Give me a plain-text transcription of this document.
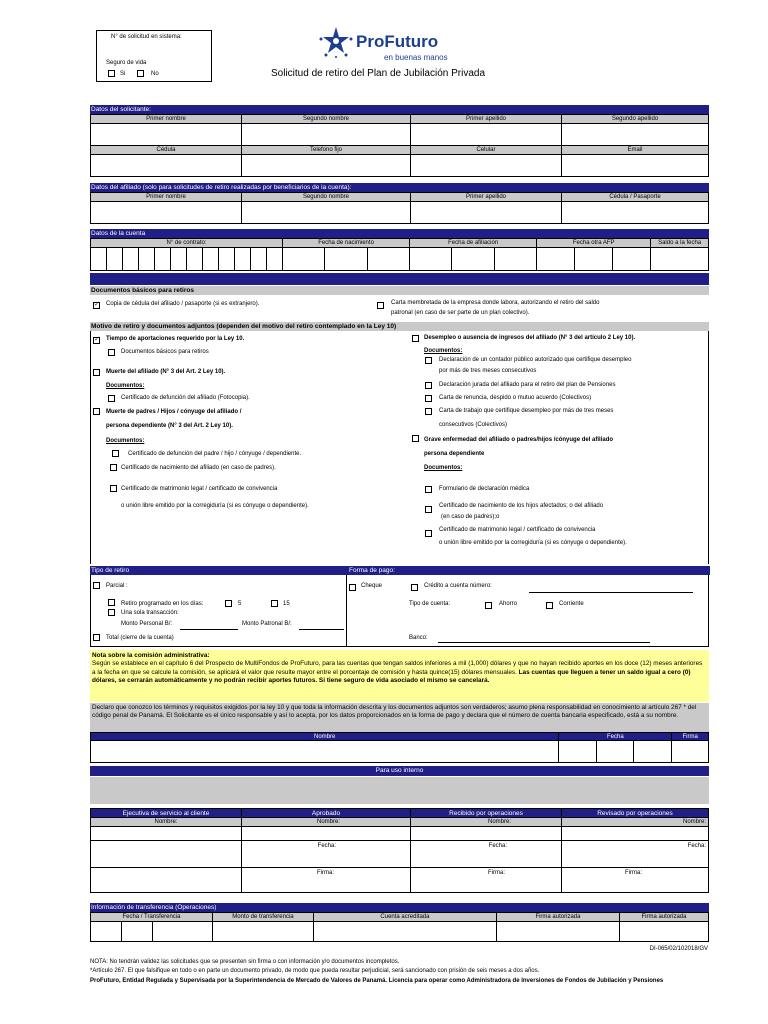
N° de solicitud en sistema:
Seguro de vida
Si	No
ProFuturo
en buenas manos
Solicitud de retiro del Plan de Jubilación Privada
Datos del solicitante:
Primer nombre	Segundo nombre	Primer apellido	Segundo apellido

Cédula	Telefono fijo	Celular	Email

Datos del afiliado (solo para solicitudes de retiro realizadas por beneficiarios de la cuenta):
Primer nombre	Segundo nombre	Primer apellido	Cédula / Pasaporte

Datos de la cuenta
N° de contrato:												Fecha de nacimiento			Fecha de afiliación			Fecha otra AFP			Saldo a la fecha

Documentos básicos para retiros
✓
Copia de cédula del afiliado / pasaporte (si es extranjero).	Carta membretada de la empresa donde labora, autorizando el retiro del saldo
patronal (en caso de ser parte de un plan colectivo).
Motivo de retiro y documentos adjuntos (dependen del motivo del retiro contemplado en la Ley 10)
✓
Tiempo de aportaciones requerido por la Ley 10.
Documentos básicos para retiros
Muerte del afiliado (N° 3 del Art. 2 Ley 10).
Documentos:
Certificado de defunción del afiliado (Fotocopia).
Muerte de padres / Hijos / cónyuge del afiliado /
persona dependiente (N° 3 del Art. 2 Ley 10).
Documentos:
Certificado de defunción del padre / hijo / cónyuge / dependiente.
Certificado de nacimiento del afiliado (en caso de padres).
Certificado de matrimonio legal / certificado de convivencia
o unión libre emitido por la corregiduría (si es cónyuge o dependiente).
Desempleo o ausencia de ingresos del afiliado (N° 3 del artículo 2 Ley 10).
Documentos:
Declaración de un contador público autorizado que certifique desempleo
por más de tres meses consecutivos
Declaración jurada del afiliado para el retiro del plan de Pensiones
Carta de renuncia, despido o mutuo acuerdo (Colectivos)
Carta de trabajo que certifique desempleo por más de tres meses
consecutivos (Colectivos)
Grave enfermedad del afiliado o padres/hijos /cónyuge del afiliado
persona dependiente
Documentos:
Formulario de declaración médica
Certificado de nacimiento de los hijos afectados; o del afiliado
(en caso de padres);o
Certificado de matrimonio legal / certificado de convivencia
o unión libre emitido por la corregiduría (si es cónyuge o dependiente).
Tipo de retiro	Forma de pago:
Parcial :
Retiro programado en los días:	5	15
Una sola transacción:
Monto Personal B/:	Monto Patronal B/:
Total (cierre de la cuenta)
Cheque	Crédito a cuenta número:
Tipo de cuenta:	Ahorro	Corriente
Banco:
Nota sobre la comisión administrativa:
Según se establece en el capítulo 6 del Prospecto de MultiFondos de ProFuturo, para las cuentas que tengan saldos inferiores a mil (1,000) dólares y que no hayan recibido aportes en los doce (12) meses anteriores a la fecha en que se calcule la comisión, se aplicará el valor que resulte mayor entre el porcentaje de comisión y hasta quince(15) dólares mensuales. Las cuentas que lleguen a tener un saldo igual a cero (0) dólares, se cerrarán automáticamente y no podrán recibir aportes futuros. Si tiene seguro de vida asociado el mismo se cancelará.
Declaro que conozco los términos y requisitos exigidos por la ley 10 y que toda la información descrita y los documentos adjuntos son verdaderos; asumo plena responsabilidad en conocimiento al artículo 267 * del código penal de Panamá. El Solicitante es el único responsable y así lo acepta, por los datos proporcionados en la forma de pago y declara que el número de cuenta bancaria especificado, está a su nombre.
Nombre	Fecha			Firma

Para uso interno
Ejecutiva de servicio al cliente	Aprobado	Recibido por operaciones	Revisado por operaciones
Nombre:	Nombre:	Nombre:	Nombre:

	Fecha:	Fecha:	Fecha:

	Firma:	Firma:	Firma:

Información de transferencia (Operaciones)
Fecha / Transferencia			Monto de transferencia	Cuenta acreditada	Firma autorizada	Firma autorizada

DI-065/02/102018/GV
NOTA: No tendrán validez las solicitudes que se presenten sin firma o con información y/o documentos incompletos.
*Artículo 267. El que falsifique en todo o en parte un documento privado, de modo que pueda resultar perjudicial, será sancionado con prisión de seis meses a dos años.
ProFuturo, Entidad Regulada y Supervisada por la Superintendencia de Mercado de Valores de Panamá. Licencia para operar como Administradora de Inversiones de Fondos de Jubilación y Pensiones
